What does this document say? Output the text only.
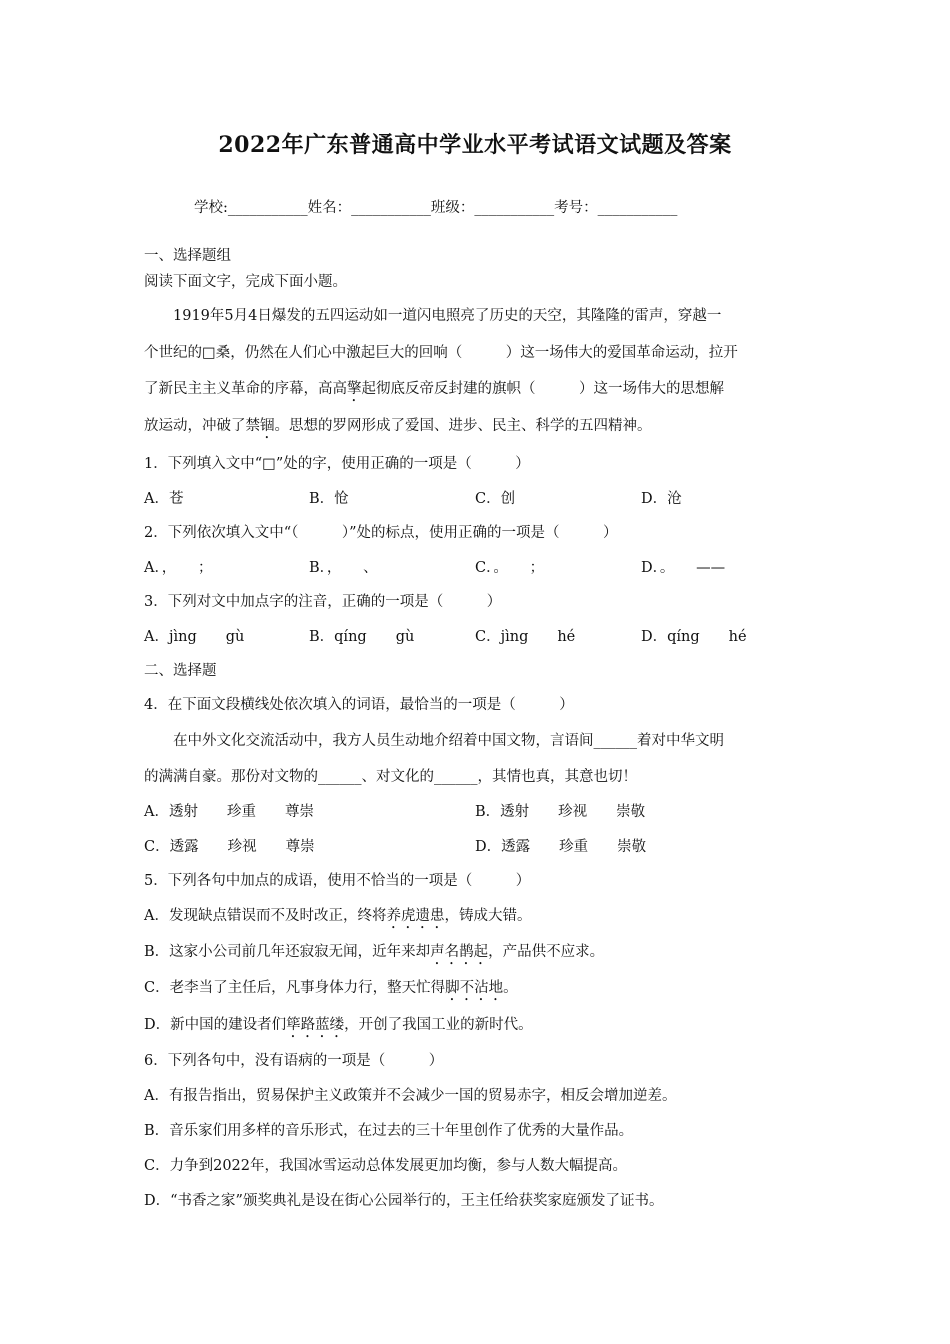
2022年广东普通高中学业水平考试语文试题及答案
学校:___________姓名：___________班级：___________考号：___________
一、选择题组
阅读下面文字，完成下面小题。
1919年5月4日爆发的五四运动如一道闪电照亮了历史的天空，其隆隆的雷声，穿越一
个世纪的□桑，仍然在人们心中激起巨大的回响（　　　）这一场伟大的爱国革命运动，拉开
了新民主主义革命的序幕，高高擎起彻底反帝反封建的旗帜（　　　）这一场伟大的思想解
放运动，冲破了禁锢。思想的罗网形成了爱国、进步、民主、科学的五四精神。
1．下列填入文中“□”处的字，使用正确的一项是（　　　）
A．苍	B．怆	C．创	D．沧
2．下列依次填入文中“（　　　）”处的标点，使用正确的一项是（　　　）
A．，　　；	B．，　　、	C．。　　；	D．。　　——
3．下列对文中加点字的注音，正确的一项是（　　　）
A．jìng　　gù	B．qíng　　gù	C．jìng　　hé	D．qíng　　hé
二、选择题
4．在下面文段横线处依次填入的词语，最恰当的一项是（　　　）
在中外文化交流活动中，我方人员生动地介绍着中国文物，言语间______着对中华文明
的满满自豪。那份对文物的______、对文化的______，其情也真，其意也切！
A．透射　　珍重　　尊崇	B．透射　　珍视　　崇敬
C．透露　　珍视　　尊崇	D．透露　　珍重　　崇敬
5．下列各句中加点的成语，使用不恰当的一项是（　　　）
A．发现缺点错误而不及时改正，终将养虎遗患，铸成大错。
B．这家小公司前几年还寂寂无闻，近年来却声名鹊起，产品供不应求。
C．老李当了主任后，凡事身体力行，整天忙得脚不沾地。
D．新中国的建设者们筚路蓝缕，开创了我国工业的新时代。
6．下列各句中，没有语病的一项是（　　　）
A．有报告指出，贸易保护主义政策并不会减少一国的贸易赤字，相反会增加逆差。
B．音乐家们用多样的音乐形式，在过去的三十年里创作了优秀的大量作品。
C．力争到2022年，我国冰雪运动总体发展更加均衡，参与人数大幅提高。
D．“书香之家”颁奖典礼是设在街心公园举行的，王主任给获奖家庭颁发了证书。
